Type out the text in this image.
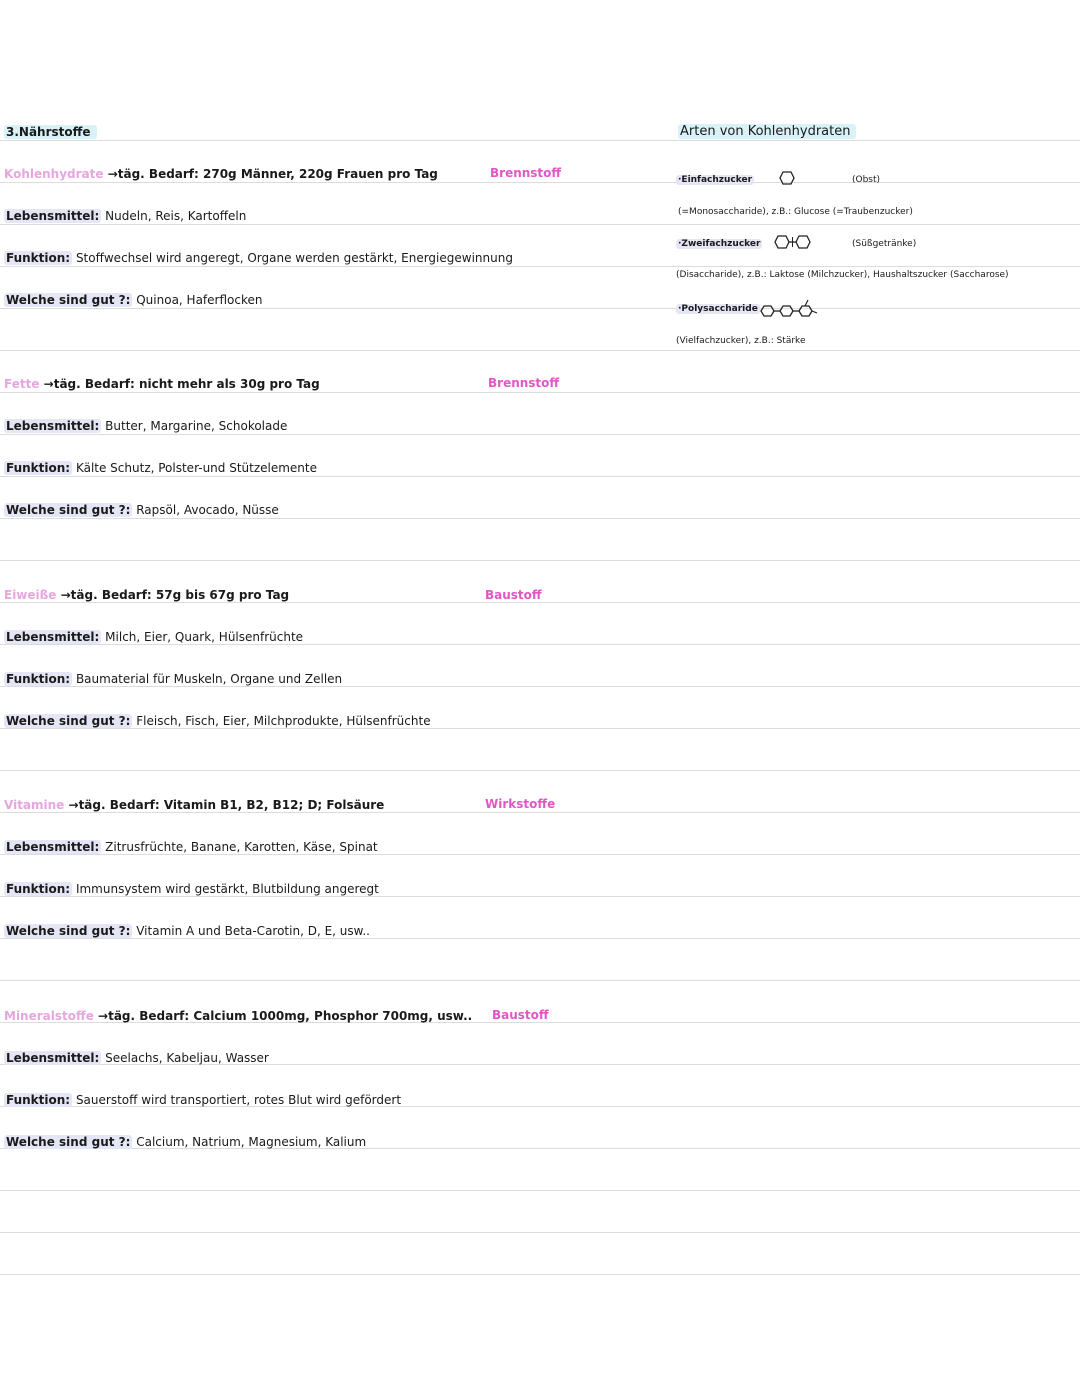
3.Nährstoffe
Kohlenhydrate →täg. Bedarf: 270g Männer, 220g Frauen pro Tag	Brennstoff
Lebensmittel: Nudeln, Reis, Kartoffeln
Funktion: Stoffwechsel wird angeregt, Organe werden gestärkt, Energiegewinnung
Welche sind gut ?: Quinoa, Haferflocken
Fette →täg. Bedarf: nicht mehr als 30g pro Tag	Brennstoff
Lebensmittel: Butter, Margarine, Schokolade
Funktion: Kälte Schutz, Polster-und Stützelemente
Welche sind gut ?: Rapsöl, Avocado, Nüsse
Eiweiße →täg. Bedarf: 57g bis 67g pro Tag	Baustoff
Lebensmittel: Milch, Eier, Quark, Hülsenfrüchte
Funktion: Baumaterial für Muskeln, Organe und Zellen
Welche sind gut ?: Fleisch, Fisch, Eier, Milchprodukte, Hülsenfrüchte
Vitamine →täg. Bedarf: Vitamin B1, B2, B12; D; Folsäure	Wirkstoffe
Lebensmittel: Zitrusfrüchte, Banane, Karotten, Käse, Spinat
Funktion: Immunsystem wird gestärkt, Blutbildung angeregt
Welche sind gut ?: Vitamin A und Beta-Carotin, D, E, usw..
Mineralstoffe →täg. Bedarf: Calcium 1000mg, Phosphor 700mg, usw.. Baustoff
Lebensmittel: Seelachs, Kabeljau, Wasser
Funktion: Sauerstoff wird transportiert, rotes Blut wird gefördert
Welche sind gut ?: Calcium, Natrium, Magnesium, Kalium
Arten von Kohlenhydraten
·Einfachzucker	(Obst)
(=Monosaccharide), z.B.: Glucose (=Traubenzucker)
·Zweifachzucker	(Süßgetränke)
(Disaccharide), z.B.: Laktose (Milchzucker), Haushaltszucker (Saccharose)
·Polysaccharide
(Vielfachzucker), z.B.: Stärke
